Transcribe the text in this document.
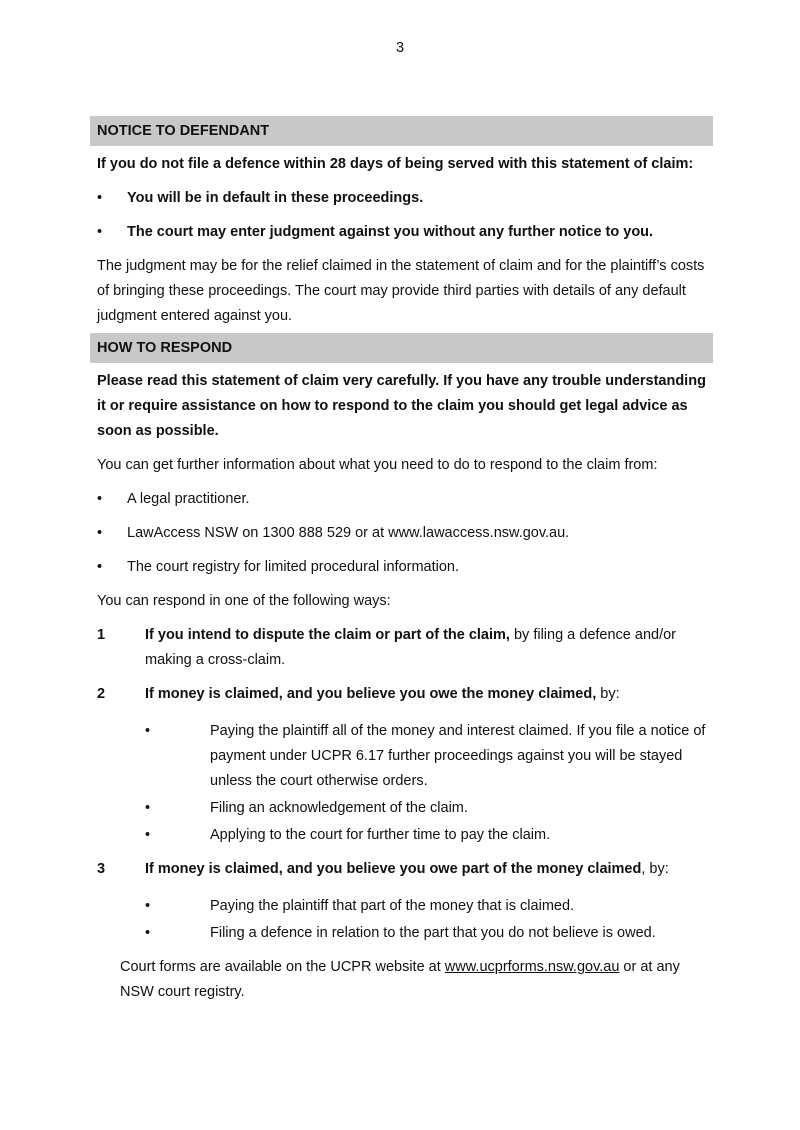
3
NOTICE TO DEFENDANT
If you do not file a defence within 28 days of being served with this statement of claim:
•	You will be in default in these proceedings.
•	The court may enter judgment against you without any further notice to you.
The judgment may be for the relief claimed in the statement of claim and for the plaintiff’s costs of bringing these proceedings. The court may provide third parties with details of any default judgment entered against you.
HOW TO RESPOND
Please read this statement of claim very carefully. If you have any trouble understanding it or require assistance on how to respond to the claim you should get legal advice as soon as possible.
You can get further information about what you need to do to respond to the claim from:
•	A legal practitioner.
•	LawAccess NSW on 1300 888 529 or at www.lawaccess.nsw.gov.au.
•	The court registry for limited procedural information.
You can respond in one of the following ways:
1	If you intend to dispute the claim or part of the claim, by filing a defence and/or making a cross-claim.
2	If money is claimed, and you believe you owe the money claimed, by:
•	Paying the plaintiff all of the money and interest claimed. If you file a notice of payment under UCPR 6.17 further proceedings against you will be stayed unless the court otherwise orders.
•	Filing an acknowledgement of the claim.
•	Applying to the court for further time to pay the claim.
3	If money is claimed, and you believe you owe part of the money claimed, by:
•	Paying the plaintiff that part of the money that is claimed.
•	Filing a defence in relation to the part that you do not believe is owed.
Court forms are available on the UCPR website at www.ucprforms.nsw.gov.au or at any NSW court registry.
